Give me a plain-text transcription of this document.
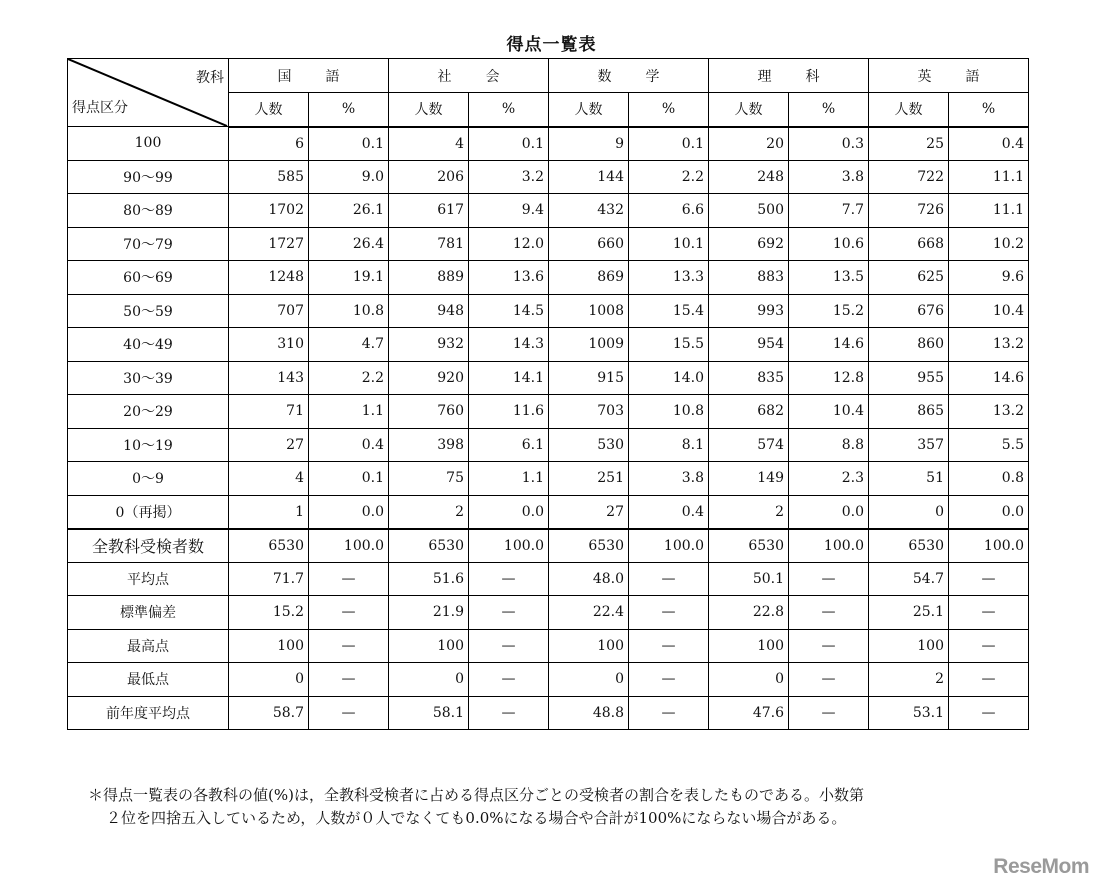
得点一覧表
教科
得点区分	国 語		社 会		数 学		理 科		英 語	
	人数	%	人数	%	人数	%	人数	%	人数	%
100	6	0.1	4	0.1	9	0.1	20	0.3	25	0.4
90〜99	585	9.0	206	3.2	144	2.2	248	3.8	722	11.1
80〜89	1702	26.1	617	9.4	432	6.6	500	7.7	726	11.1
70〜79	1727	26.4	781	12.0	660	10.1	692	10.6	668	10.2
60〜69	1248	19.1	889	13.6	869	13.3	883	13.5	625	9.6
50〜59	707	10.8	948	14.5	1008	15.4	993	15.2	676	10.4
40〜49	310	4.7	932	14.3	1009	15.5	954	14.6	860	13.2
30〜39	143	2.2	920	14.1	915	14.0	835	12.8	955	14.6
20〜29	71	1.1	760	11.6	703	10.8	682	10.4	865	13.2
10〜19	27	0.4	398	6.1	530	8.1	574	8.8	357	5.5
0〜9	4	0.1	75	1.1	251	3.8	149	2.3	51	0.8
0（再掲）	1	0.0	2	0.0	27	0.4	2	0.0	0	0.0
全教科受検者数	6530	100.0	6530	100.0	6530	100.0	6530	100.0	6530	100.0
平均点	71.7	—	51.6	—	48.0	—	50.1	—	54.7	—
標準偏差	15.2	—	21.9	—	22.4	—	22.8	—	25.1	—
最高点	100	—	100	—	100	—	100	—	100	—
最低点	0	—	0	—	0	—	0	—	2	—
前年度平均点	58.7	—	58.1	—	48.8	—	47.6	—	53.1	—
＊得点一覧表の各教科の値(%)は，全教科受検者に占める得点区分ごとの受検者の割合を表したものである。小数第
２位を四捨五入しているため，人数が０人でなくても0.0%になる場合や合計が100%にならない場合がある。
ReseMom
